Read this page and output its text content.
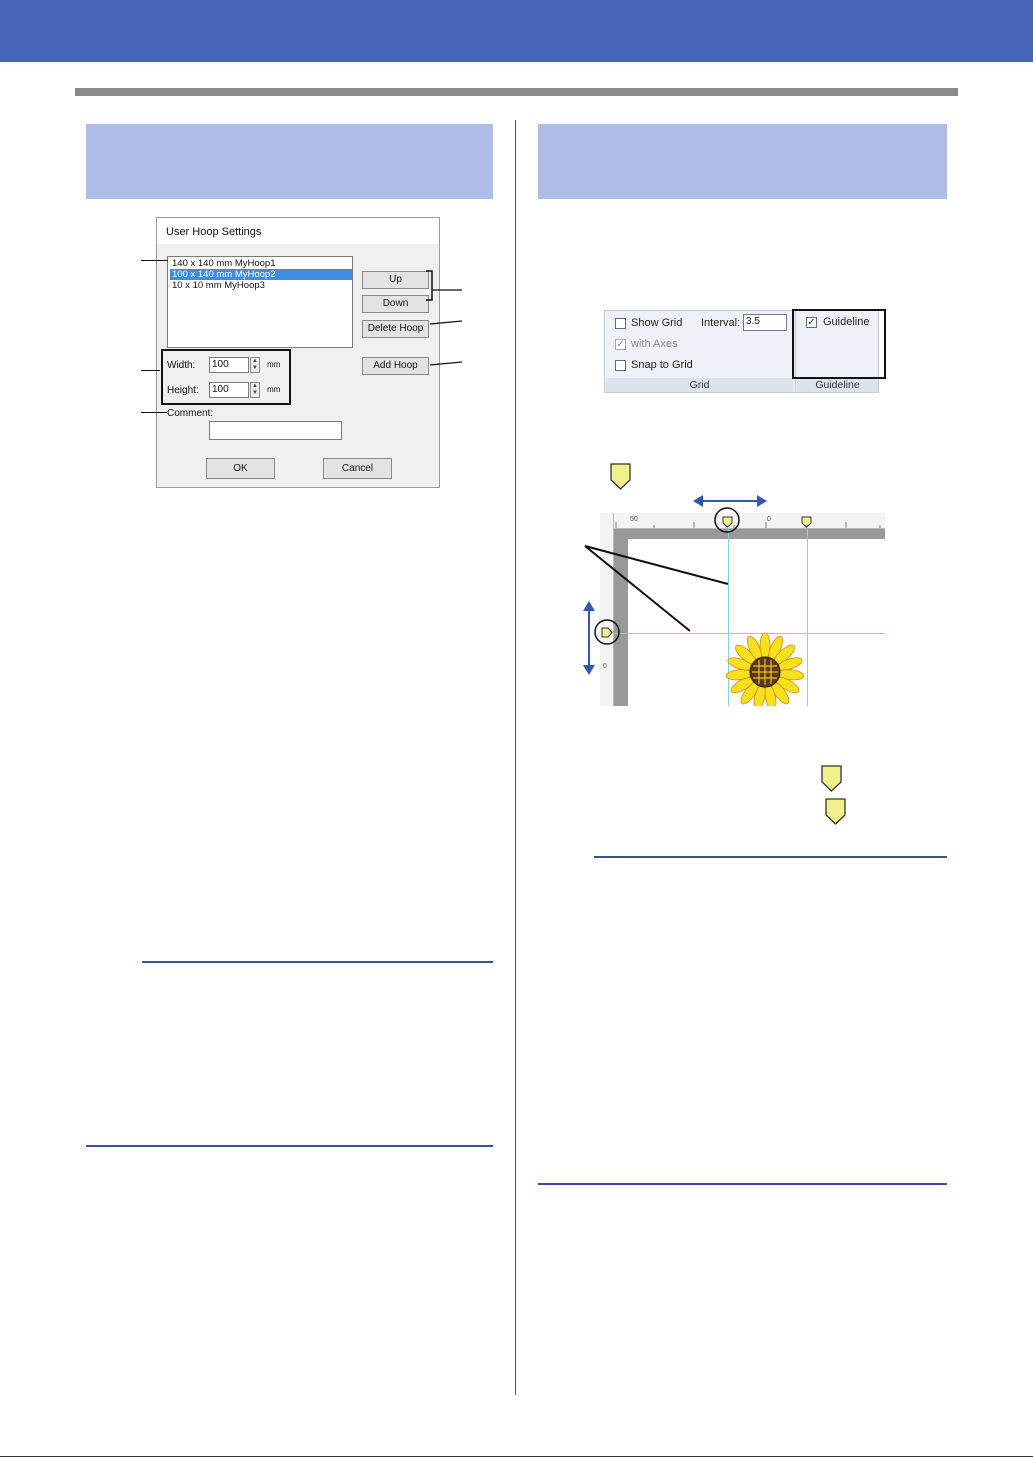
User Hoop Settings
140 x 140 mm MyHoop1
100 x 140 mm MyHoop2
10 x 10 mm MyHoop3
Up
Down
Delete Hoop
Add Hoop
Width:	100	▲
▼ mm
Height:	100	▲
▼ mm
Comment:
OK	Cancel
Show Grid Interval: 3.5
✓ with Axes
Snap to Grid
Grid
✓ Guideline
Guideline
50	0
0
